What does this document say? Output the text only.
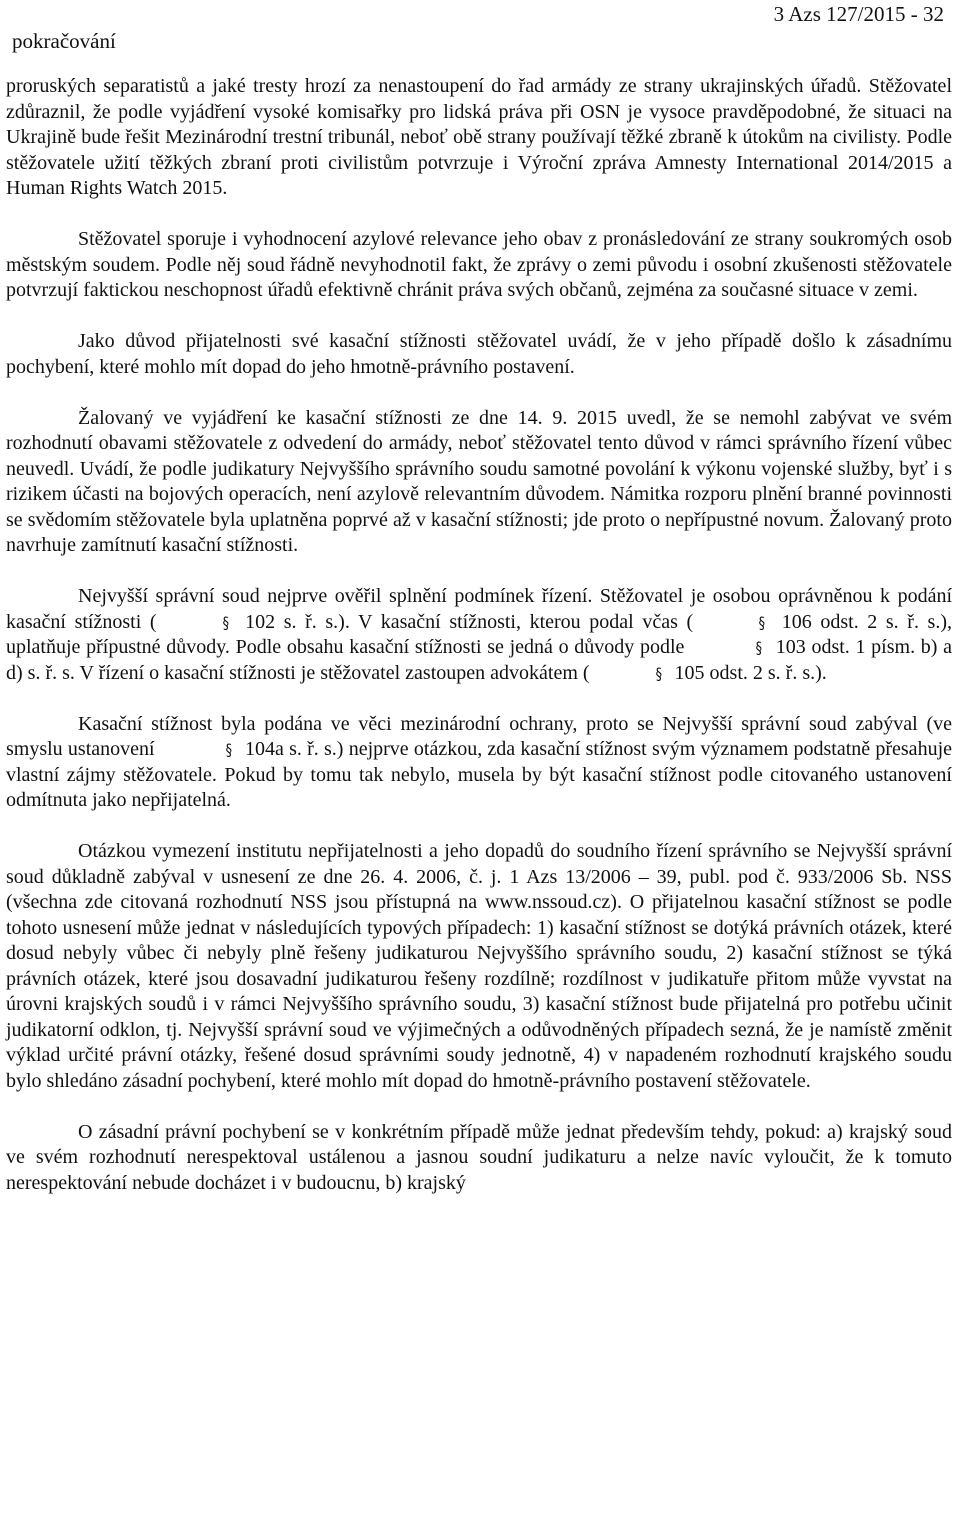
pokračování
3 Azs 127/2015 - 32

proruských separatistů a jaké tresty hrozí za nenastoupení do řad armády ze strany ukrajinských úřadů. Stěžovatel zdůraznil, že podle vyjádření vysoké komisařky pro lidská práva při OSN je vysoce pravděpodobné, že situaci na Ukrajině bude řešit Mezinárodní trestní tribunál, neboť obě strany používají těžké zbraně k útokům na civilisty. Podle stěžovatele užití těžkých zbraní proti civilistům potvrzuje i Výroční zpráva Amnesty International 2014/2015 a Human Rights Watch 2015.

Stěžovatel sporuje i vyhodnocení azylové relevance jeho obav z pronásledování ze strany soukromých osob městským soudem. Podle něj soud řádně nevyhodnotil fakt, že zprávy o zemi původu i osobní zkušenosti stěžovatele potvrzují faktickou neschopnost úřadů efektivně chránit práva svých občanů, zejména za současné situace v zemi.

Jako důvod přijatelnosti své kasační stížnosti stěžovatel uvádí, že v jeho případě došlo k zásadnímu pochybení, které mohlo mít dopad do jeho hmotně-právního postavení.

Žalovaný ve vyjádření ke kasační stížnosti ze dne 14. 9. 2015 uvedl, že se nemohl zabývat ve svém rozhodnutí obavami stěžovatele z odvedení do armády, neboť stěžovatel tento důvod v rámci správního řízení vůbec neuvedl. Uvádí, že podle judikatury Nejvyššího správního soudu samotné povolání k výkonu vojenské služby, byť i s rizikem účasti na bojových operacích, není azylově relevantním důvodem. Námitka rozporu plnění branné povinnosti se svědomím stěžovatele byla uplatněna poprvé až v kasační stížnosti; jde proto o nepřípustné novum. Žalovaný proto navrhuje zamítnutí kasační stížnosti.

Nejvyšší správní soud nejprve ověřil splnění podmínek řízení. Stěžovatel je osobou oprávněnou k podání kasační stížnosti (	§ 102 s. ř. s.). V kasační stížnosti, kterou podal včas (	§ 106 odst. 2 s. ř. s.), uplatňuje přípustné důvody. Podle obsahu kasační stížnosti se jedná o důvody podle	§ 103 odst. 1 písm. b) a d) s. ř. s. V řízení o kasační stížnosti je stěžovatel zastoupen advokátem (	§ 105 odst. 2 s. ř. s.).

Kasační stížnost byla podána ve věci mezinárodní ochrany, proto se Nejvyšší správní soud zabýval (ve smyslu ustanovení	§ 104a s. ř. s.) nejprve otázkou, zda kasační stížnost svým významem podstatně přesahuje vlastní zájmy stěžovatele. Pokud by tomu tak nebylo, musela by být kasační stížnost podle citovaného ustanovení odmítnuta jako nepřijatelná.

Otázkou vymezení institutu nepřijatelnosti a jeho dopadů do soudního řízení správního se Nejvyšší správní soud důkladně zabýval v usnesení ze dne 26. 4. 2006, č. j. 1 Azs 13/2006 – 39, publ. pod č. 933/2006 Sb. NSS (všechna zde citovaná rozhodnutí NSS jsou přístupná na www.nssoud.cz). O přijatelnou kasační stížnost se podle tohoto usnesení může jednat v následujících typových případech: 1) kasační stížnost se dotýká právních otázek, které dosud nebyly vůbec či nebyly plně řešeny judikaturou Nejvyššího správního soudu, 2) kasační stížnost se týká právních otázek, které jsou dosavadní judikaturou řešeny rozdílně; rozdílnost v judikatuře přitom může vyvstat na úrovni krajských soudů i v rámci Nejvyššího správního soudu, 3) kasační stížnost bude přijatelná pro potřebu učinit judikatorní odklon, tj. Nejvyšší správní soud ve výjimečných a odůvodněných případech sezná, že je namístě změnit výklad určité právní otázky, řešené dosud správními soudy jednotně, 4) v napadeném rozhodnutí krajského soudu bylo shledáno zásadní pochybení, které mohlo mít dopad do hmotně-právního postavení stěžovatele.

O zásadní právní pochybení se v konkrétním případě může jednat především tehdy, pokud: a) krajský soud ve svém rozhodnutí nerespektoval ustálenou a jasnou soudní judikaturu a nelze navíc vyloučit, že k tomuto nerespektování nebude docházet i v budoucnu, b) krajský
